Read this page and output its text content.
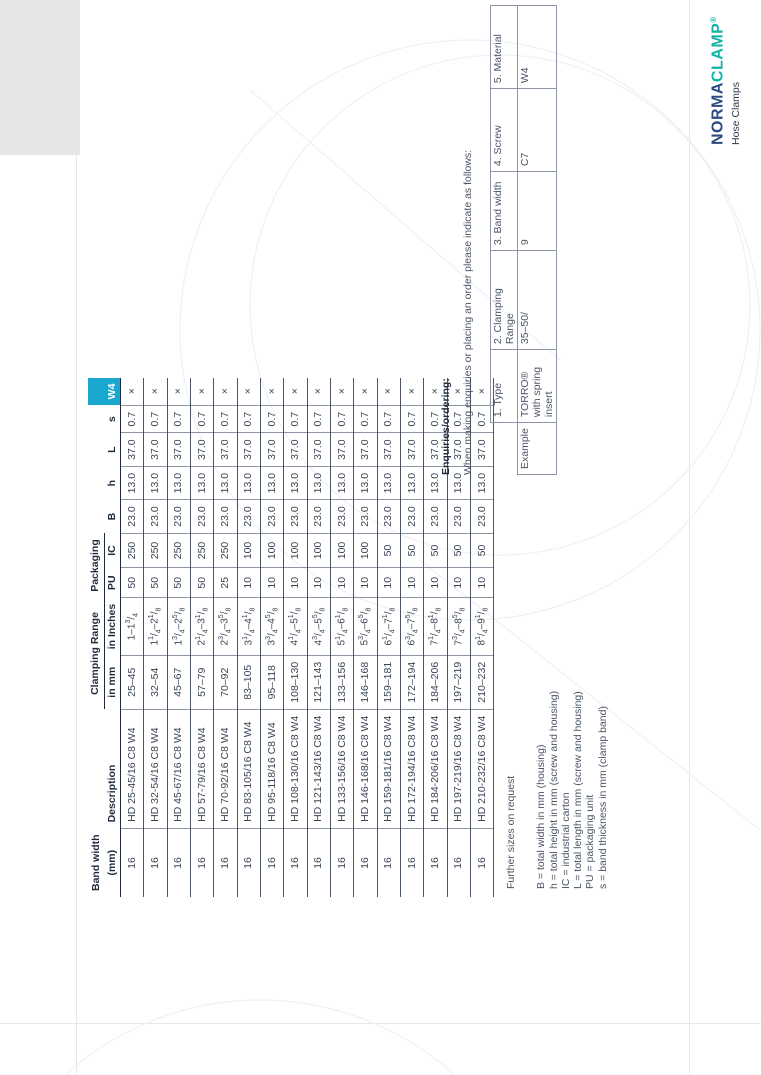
NORMACLAMP®
Hose Clamps
Band width		Clamping Range		Packaging						
(mm)	Description	in mm	in Inches	PU	IC	B	h	L	s	W4
16	HD 25-45/16 C8 W4	25–45	$1-1^3/_4$	50	250	23.0	13.0	37.0	0.7	×
16	HD 32-54/16 C8 W4	32–54	$1^1/_4-2^1/_8$	50	250	23.0	13.0	37.0	0.7	×
16	HD 45-67/16 C8 W4	45–67	$1^3/_4-2^5/_8$	50	250	23.0	13.0	37.0	0.7	×
16	HD 57-79/16 C8 W4	57–79	$2^1/_4-3^1/_8$	50	250	23.0	13.0	37.0	0.7	×
16	HD 70-92/16 C8 W4	70–92	$2^3/_4-3^5/_8$	25	250	23.0	13.0	37.0	0.7	×
16	HD 83-105/16 C8 W4	83–105	$3^1/_4-4^1/_8$	10	100	23.0	13.0	37.0	0.7	×
16	HD 95-118/16 C8 W4	95–118	$3^3/_4-4^5/_8$	10	100	23.0	13.0	37.0	0.7	×
16	HD 108-130/16 C8 W4	108–130	$4^1/_4-5^1/_8$	10	100	23.0	13.0	37.0	0.7	×
16	HD 121-143/16 C8 W4	121–143	$4^3/_4-5^5/_8$	10	100	23.0	13.0	37.0	0.7	×
16	HD 133-156/16 C8 W4	133–156	$5^1/_4-6^1/_8$	10	100	23.0	13.0	37.0	0.7	×
16	HD 146-168/16 C8 W4	146–168	$5^3/_4-6^5/_8$	10	100	23.0	13.0	37.0	0.7	×
16	HD 159-181/16 C8 W4	159–181	$6^1/_4-7^1/_8$	10	50	23.0	13.0	37.0	0.7	×
16	HD 172-194/16 C8 W4	172–194	$6^3/_4-7^5/_8$	10	50	23.0	13.0	37.0	0.7	×
16	HD 184-206/16 C8 W4	184–206	$7^1/_4-8^1/_8$	10	50	23.0	13.0	37.0	0.7	×
16	HD 197-219/16 C8 W4	197–219	$7^3/_4-8^5/_8$	10	50	23.0	13.0	37.0	0.7	×
16	HD 210-232/16 C8 W4	210–232	$8^1/_4-9^1/_8$	10	50	23.0	13.0	37.0	0.7	×
Further sizes on request B = total width in mm (housing) h = total height in mm (screw and housing) IC = industrial carton L = total length in mm (screw and housing) PU = packaging unit s = band thickness in mm (clamp band)
Enquiries/ordering: When making enquiries or placing an order please indicate as follows:
	1. Type	2. Clamping Range	3. Band width	4. Screw	5. Material
Example	TORRO® with spring insert	35–50/	9	C7	W4
